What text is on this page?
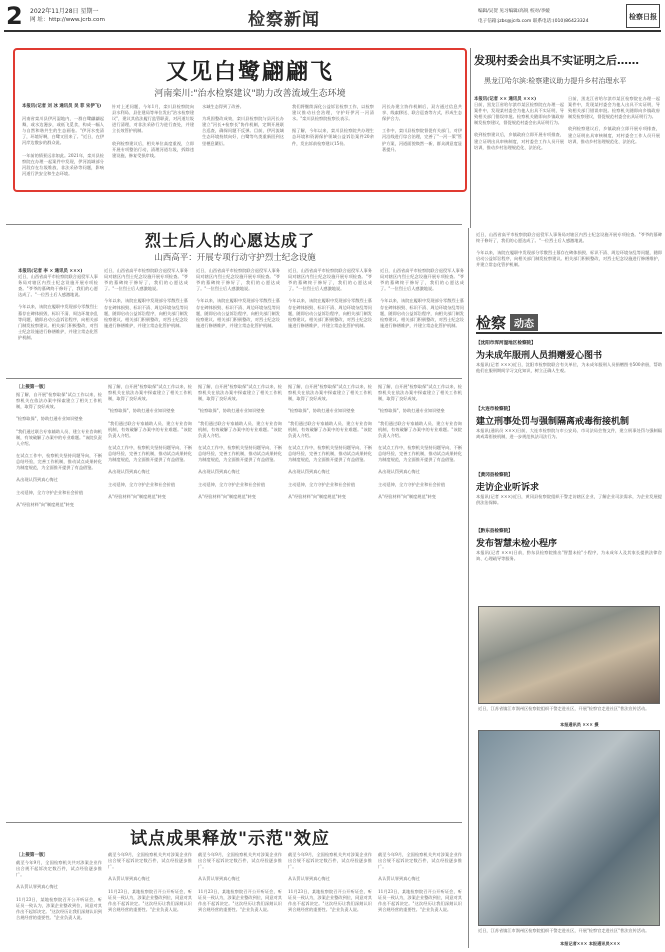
2 2022年11月28日 星期一
网 址：http://www.jcrb.com	检察新闻	编辑/吴贺 见习编辑/高锐 校对/李媛
电子信箱:jzbs@jcrb.com 联系电话:(010)86423324
检察日报
又见白鹭翩翩飞
河南栾川:"治水检察建议"助力改善流域生态环境
本报讯(记者 刘 冰 通讯员 吴 菲 宋伊飞)
河南省栾川县伊河湿地内，一群白鹭翩翩起舞，或水边漫步，或低飞觅食，构成一幅人与自然和谐共生的生态画卷。"伊河水变清了，环境好啊，白鹭又回来了。"近日，在伊河岸边散步的群众说。

一年前的情景远非如此。2021年，栾川县检察院在办理一起案件中发现，伊河流域部分河段存在垃圾堆放、非法采砂等问题，影响河道行洪安全和生态环境。
针对上述问题，今年1月，栾川县检察院向县水利局、县住建局等单位发出"治水检察建议"，建议其依法履行监管职责，对河道垃圾进行清理，对非法采砂行为进行查处，并建立长效管护机制。

收到检察建议后，相关单位高度重视，立即开展专项整治行动，清理河道垃圾，拆除违建设施，修复受损岸线。
水域生态得到了改善。

为巩固整改成效，栾川县检察院与县河长办建立"河长+检察长"协作机制，定期开展联合巡查，确保问题不反弹。目前，伊河流域生态环境持续向好，白鹭等鸟类重新回到这里栖息繁衍。
我们将继续深化公益诉讼检察工作，以检察建议推动社会治理，守护好伊河一河清水。"栾川县检察院检察长表示。

据了解，今年以来，栾川县检察院共办理生态环境和资源保护领域公益诉讼案件20余件，发出诉前检察建议15份。
河长办建立协作机制后，双方通过信息共享、线索移送、联合巡查等方式，形成生态保护合力。

工作中，栾川县检察院督促有关部门，对伊河沿线进行综合治理，完善了"一河一策"管护方案，河道面貌焕然一新，群众满意度显著提升。
发现村委会出具不实证明之后……
黑龙江哈尔滨:检察建议助力提升乡村治理水平
本报讯(记者 ×× 通讯员 ×××)
日前，黑龙江省哈尔滨市某区检察院在办理一起案件中，发现某村委会为他人出具不实证明，导致相关部门错误审批。检察机关随即向乡镇政府制发检察建议，督促规范村委会出具证明行为。

收到检察建议后，乡镇政府立即开展专项排查，建立证明出具审核制度，对村委会工作人员开展培训，推动乡村治理规范化、法治化。
日前，黑龙江省哈尔滨市某区检察院在办理一起案件中，发现某村委会为他人出具不实证明，导致相关部门错误审批。检察机关随即向乡镇政府制发检察建议，督促规范村委会出具证明行为。

收到检察建议后，乡镇政府立即开展专项排查，建立证明出具审核制度，对村委会工作人员开展培训，推动乡村治理规范化、法治化。
烈士后人的心愿达成了
山西高平：开展专项行动守护烈士纪念设施
本报讯(记者 李 × 通讯员 ×××)
近日，山西省高平市检察院联合退役军人事务局对辖区内烈士纪念设施开展专项检查。"爷爷的墓碑终于修好了，我们的心愿达成了。"一位烈士后人感激地说。

今年以来，该院在履职中发现部分零散烈士墓存在碑体损毁、标识不清、周边环境杂乱等问题，随即启动公益诉讼程序，向相关部门制发检察建议。相关部门积极整改，对烈士纪念设施进行修缮维护，并建立常态化管护机制。
近日，山西省高平市检察院联合退役军人事务局对辖区内烈士纪念设施开展专项检查。"爷爷的墓碑终于修好了，我们的心愿达成了。"一位烈士后人感激地说。

今年以来，该院在履职中发现部分零散烈士墓存在碑体损毁、标识不清、周边环境杂乱等问题，随即启动公益诉讼程序，向相关部门制发检察建议。相关部门积极整改，对烈士纪念设施进行修缮维护，并建立常态化管护机制。
近日，山西省高平市检察院联合退役军人事务局对辖区内烈士纪念设施开展专项检查。"爷爷的墓碑终于修好了，我们的心愿达成了。"一位烈士后人感激地说。

今年以来，该院在履职中发现部分零散烈士墓存在碑体损毁、标识不清、周边环境杂乱等问题，随即启动公益诉讼程序，向相关部门制发检察建议。相关部门积极整改，对烈士纪念设施进行修缮维护，并建立常态化管护机制。
近日，山西省高平市检察院联合退役军人事务局对辖区内烈士纪念设施开展专项检查。"爷爷的墓碑终于修好了，我们的心愿达成了。"一位烈士后人感激地说。

今年以来，该院在履职中发现部分零散烈士墓存在碑体损毁、标识不清、周边环境杂乱等问题，随即启动公益诉讼程序，向相关部门制发检察建议。相关部门积极整改，对烈士纪念设施进行修缮维护，并建立常态化管护机制。
近日，山西省高平市检察院联合退役军人事务局对辖区内烈士纪念设施开展专项检查。"爷爷的墓碑终于修好了，我们的心愿达成了。"一位烈士后人感激地说。

今年以来，该院在履职中发现部分零散烈士墓存在碑体损毁、标识不清、周边环境杂乱等问题，随即启动公益诉讼程序，向相关部门制发检察建议。相关部门积极整改，对烈士纪念设施进行修缮维护，并建立常态化管护机制。
〔上接第一版〕
据了解，自开展"检察取保"试点工作以来，检察机关在依法办案中探索建立了相关工作机制，取得了良好成效。

"检察取保"，协助打通专业知识壁垒

"我们通过联合专家辅助人员、建立专业咨询机制，有效破解了办案中的专业难题。"该院负责人介绍。

在试点工作中，检察机关坚持问题导向，不断总结经验，完善工作机制，推动试点成果转化为制度规范，为全面推开提供了有益借鉴。

从出现认罚到真心悔过

主动延伸，全力守护企业和社会价值

从"经验材料"向"制度规范"转变
据了解，自开展"检察取保"试点工作以来，检察机关在依法办案中探索建立了相关工作机制，取得了良好成效。

"检察取保"，协助打通专业知识壁垒

"我们通过联合专家辅助人员、建立专业咨询机制，有效破解了办案中的专业难题。"该院负责人介绍。

在试点工作中，检察机关坚持问题导向，不断总结经验，完善工作机制，推动试点成果转化为制度规范，为全面推开提供了有益借鉴。

从出现认罚到真心悔过

主动延伸，全力守护企业和社会价值

从"经验材料"向"制度规范"转变
据了解，自开展"检察取保"试点工作以来，检察机关在依法办案中探索建立了相关工作机制，取得了良好成效。

"检察取保"，协助打通专业知识壁垒

"我们通过联合专家辅助人员、建立专业咨询机制，有效破解了办案中的专业难题。"该院负责人介绍。

在试点工作中，检察机关坚持问题导向，不断总结经验，完善工作机制，推动试点成果转化为制度规范，为全面推开提供了有益借鉴。

从出现认罚到真心悔过

主动延伸，全力守护企业和社会价值

从"经验材料"向"制度规范"转变
据了解，自开展"检察取保"试点工作以来，检察机关在依法办案中探索建立了相关工作机制，取得了良好成效。

"检察取保"，协助打通专业知识壁垒

"我们通过联合专家辅助人员、建立专业咨询机制，有效破解了办案中的专业难题。"该院负责人介绍。

在试点工作中，检察机关坚持问题导向，不断总结经验，完善工作机制，推动试点成果转化为制度规范，为全面推开提供了有益借鉴。

从出现认罚到真心悔过

主动延伸，全力守护企业和社会价值

从"经验材料"向"制度规范"转变
据了解，自开展"检察取保"试点工作以来，检察机关在依法办案中探索建立了相关工作机制，取得了良好成效。

"检察取保"，协助打通专业知识壁垒

"我们通过联合专家辅助人员、建立专业咨询机制，有效破解了办案中的专业难题。"该院负责人介绍。

在试点工作中，检察机关坚持问题导向，不断总结经验，完善工作机制，推动试点成果转化为制度规范，为全面推开提供了有益借鉴。

从出现认罚到真心悔过

主动延伸，全力守护企业和社会价值

从"经验材料"向"制度规范"转变
试点成果释放"示范"效应
〔上接第一版〕
截至今年9月，全国检察机关共对涉案企业作出合规不起诉决定数百件，试点经验逐步推广。

从认罚认罪到真心悔过

11月23日，某地检察院召开公开听证会，听证员一致认为，涉案企业整改到位，同意对其作出不起诉决定。"这次经历让我们深刻认识到合规经营的重要性。"企业负责人说。
截至今年9月，全国检察机关共对涉案企业作出合规不起诉决定数百件，试点经验逐步推广。

从认罚认罪到真心悔过

11月23日，某地检察院召开公开听证会，听证员一致认为，涉案企业整改到位，同意对其作出不起诉决定。"这次经历让我们深刻认识到合规经营的重要性。"企业负责人说。
截至今年9月，全国检察机关共对涉案企业作出合规不起诉决定数百件，试点经验逐步推广。

从认罚认罪到真心悔过

11月23日，某地检察院召开公开听证会，听证员一致认为，涉案企业整改到位，同意对其作出不起诉决定。"这次经历让我们深刻认识到合规经营的重要性。"企业负责人说。
截至今年9月，全国检察机关共对涉案企业作出合规不起诉决定数百件，试点经验逐步推广。

从认罚认罪到真心悔过

11月23日，某地检察院召开公开听证会，听证员一致认为，涉案企业整改到位，同意对其作出不起诉决定。"这次经历让我们深刻认识到合规经营的重要性。"企业负责人说。
截至今年9月，全国检察机关共对涉案企业作出合规不起诉决定数百件，试点经验逐步推广。

从认罚认罪到真心悔过

11月23日，某地检察院召开公开听证会，听证员一致认为，涉案企业整改到位，同意对其作出不起诉决定。"这次经历让我们深刻认识到合规经营的重要性。"企业负责人说。
检察 动态
近日，山西省高平市检察院联合退役军人事务局对辖区内烈士纪念设施开展专项检查。"爷爷的墓碑终于修好了，我们的心愿达成了。"一位烈士后人感激地说。

今年以来，该院在履职中发现部分零散烈士墓存在碑体损毁、标识不清、周边环境杂乱等问题，随即启动公益诉讼程序，向相关部门制发检察建议。相关部门积极整改，对烈士纪念设施进行修缮维护，并建立常态化管护机制。
【沈阳市浑河湿地区检察院】
为未成年服刑人员捐赠爱心图书
本报讯(记者 ×××)近日，沈阳市检察院联合有关单位，为未成年服刑人员捐赠图书500余册，帮助他们在服刑期间学习文化知识，树立正确人生观。
【大连市检察院】
建立刑事处罚与强制隔离戒毒衔接机制
本报讯(通讯员 ×××)日前，大连市检察院与市公安局、市司法局会签文件，建立刑事处罚与强制隔离戒毒衔接机制，进一步规范执法司法行为。
【黄冈县检察院】
走访企业听诉求
本报讯(记者 ×××)近日，黄冈县检察院组织干警走访辖区企业，了解企业司法需求，为企业发展提供法治保障。
【黔东县检察院】
发布智慧未检小程序
本报讯(记者 ×××)日前，黔东县检察院推出"智慧未检"小程序，为未成年人及其家长提供法律咨询、心理疏导等服务。
近日，江苏省镇江市润州区检察院组织干警走进社区，开展"检察官走进社区"普法宣传活动。
本报通讯员 ××× 摄
近日，江苏省镇江市润州区检察院组织干警走进社区，开展"检察官走进社区"普法宣传活动。
本报记者××× 本报通讯员×××
